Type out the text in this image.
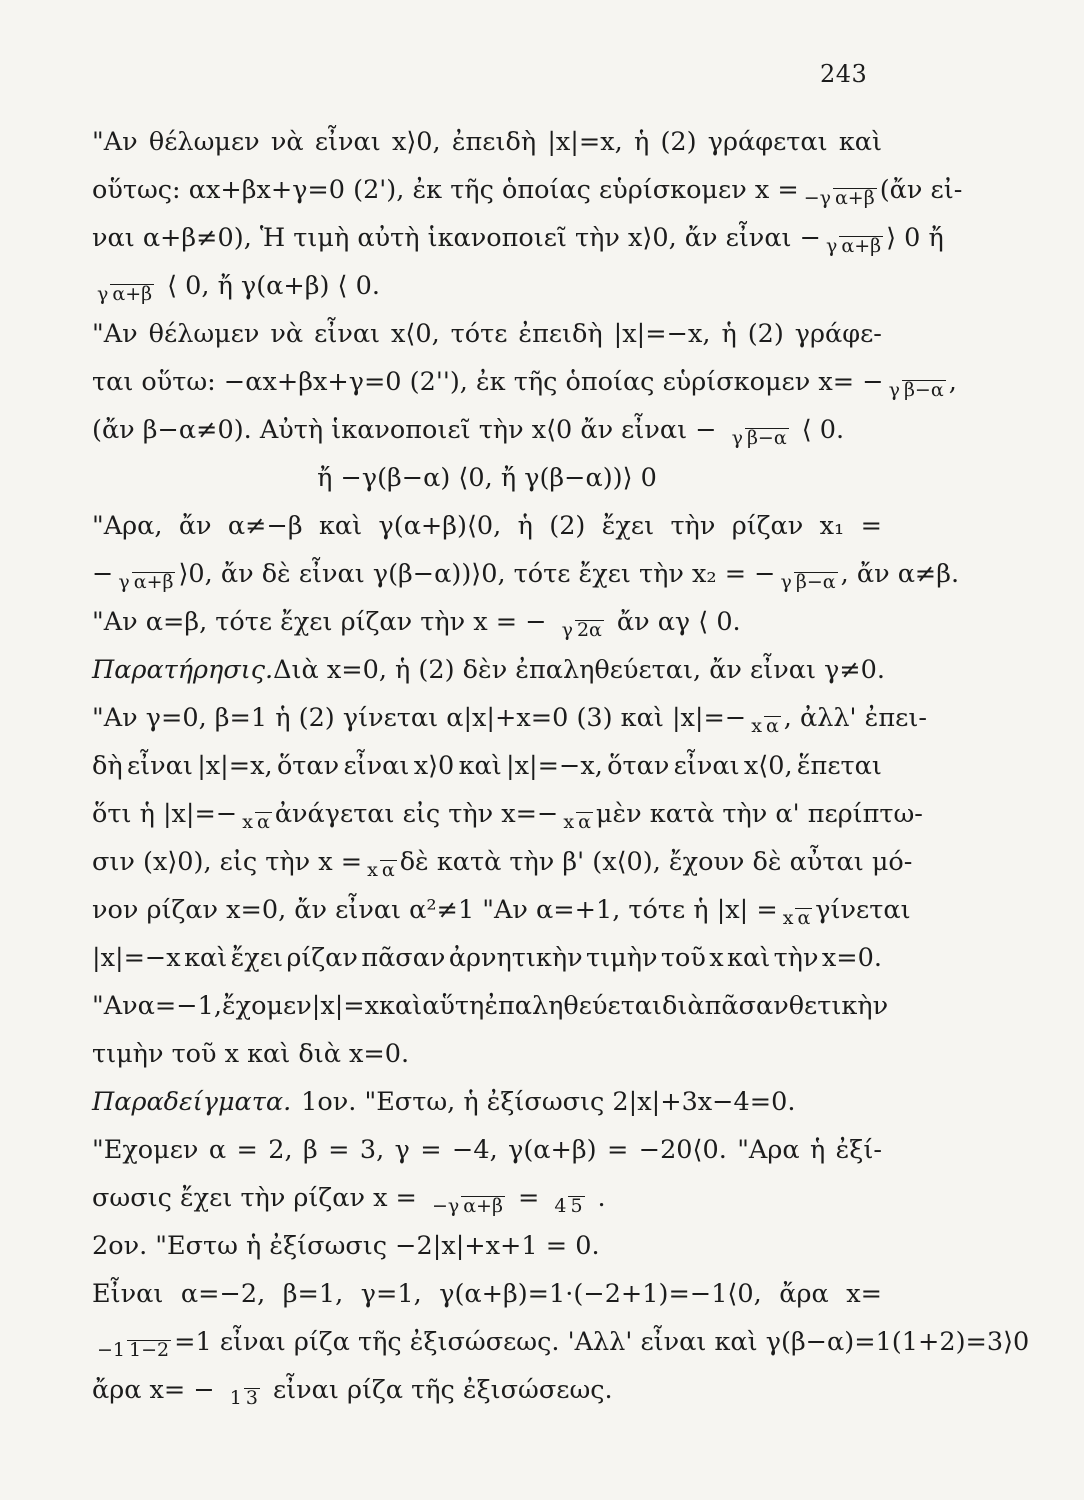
243
"Αν θέλωμεν νὰ εἶναι x⟩0, ἐπειδὴ |x|=x, ἡ (2) γράφεται καὶ
οὕτως: αx+βx+γ=0 (2'), ἐκ τῆς ὁποίας εὑρίσκομεν x = −γ α+β (ἄν εἰ-
ναι α+β≠0), Ἡ τιμὴ αὐτὴ ἱκανοποιεῖ τὴν x⟩0, ἄν εἶναι − γ α+β ⟩ 0 ἤ
γ α+β ⟨ 0, ἤ γ(α+β) ⟨ 0.
"Αν θέλωμεν νὰ εἶναι x⟨0, τότε ἐπειδὴ |x|=−x, ἡ (2) γράφε-
ται οὕτω: −αx+βx+γ=0 (2''), ἐκ τῆς ὁποίας εὑρίσκομεν x= − γ β−α ,
(ἄν β−α≠0). Αὐτὴ ἱκανοποιεῖ τὴν x⟨0 ἄν εἶναι − γ β−α ⟨ 0.
ἤ −γ(β−α) ⟨0, ἤ γ(β−α))⟩ 0
"Αρα, ἄν α≠−β καὶ γ(α+β)⟨0, ἡ (2) ἔχει τὴν ρίζαν x₁ =
− γ α+β ⟩0, ἄν δὲ εἶναι γ(β−α))⟩0, τότε ἔχει τὴν x₂ = − γ β−α , ἄν α≠β.
"Αν α=β, τότε ἔχει ρίζαν τὴν x = − γ 2α ἄν αγ ⟨ 0.
Παρατήρησις. Διὰ x=0, ἡ (2) δὲν ἐπαληθεύεται, ἄν εἶναι γ≠0.
"Αν γ=0, β=1 ἡ (2) γίνεται α|x|+x=0 (3) καὶ |x|=− x α , ἀλλ' ἐπει-
δὴ εἶναι |x|=x, ὅταν εἶναι x⟩0 καὶ |x|=−x, ὅταν εἶναι x⟨0, ἕπεται
ὅτι ἡ |x|=− x α ἀνάγεται εἰς τὴν x=− x α μὲν κατὰ τὴν α' περίπτω-
σιν (x⟩0), εἰς τὴν x = x α δὲ κατὰ τὴν β' (x⟨0), ἔχουν δὲ αὖται μό-
νον ρίζαν x=0, ἄν εἶναι α²≠1 "Αν α=+1, τότε ἡ |x| = x α γίνεται
|x|=−x καὶ ἔχει ρίζαν πᾶσαν ἀρνητικὴν τιμὴν τοῦ x καὶ τὴν x=0.
"Αν α=−1, ἔχομεν |x|=x καὶ αὕτη ἐπαληθεύεται διὰ πᾶσαν θετικὴν
τιμὴν τοῦ x καὶ διὰ x=0.
Παραδείγματα. 1ον. "Εστω, ἡ ἐξίσωσις 2|x|+3x−4=0.
"Εχομεν α = 2, β = 3, γ = −4, γ(α+β) = −20⟨0. "Αρα ἡ ἐξί-
σωσις ἔχει τὴν ρίζαν x = −γ α+β = 4 5 .
2ον. "Εστω ἡ ἐξίσωσις −2|x|+x+1 = 0.
Εἶναι α=−2, β=1, γ=1, γ(α+β)=1·(−2+1)=−1⟨0, ἄρα x=
−1 1−2 =1 εἶναι ρίζα τῆς ἐξισώσεως. 'Αλλ' εἶναι καὶ γ(β−α)=1(1+2)=3⟩0
ἄρα x= − 1 3 εἶναι ρίζα τῆς ἐξισώσεως.
